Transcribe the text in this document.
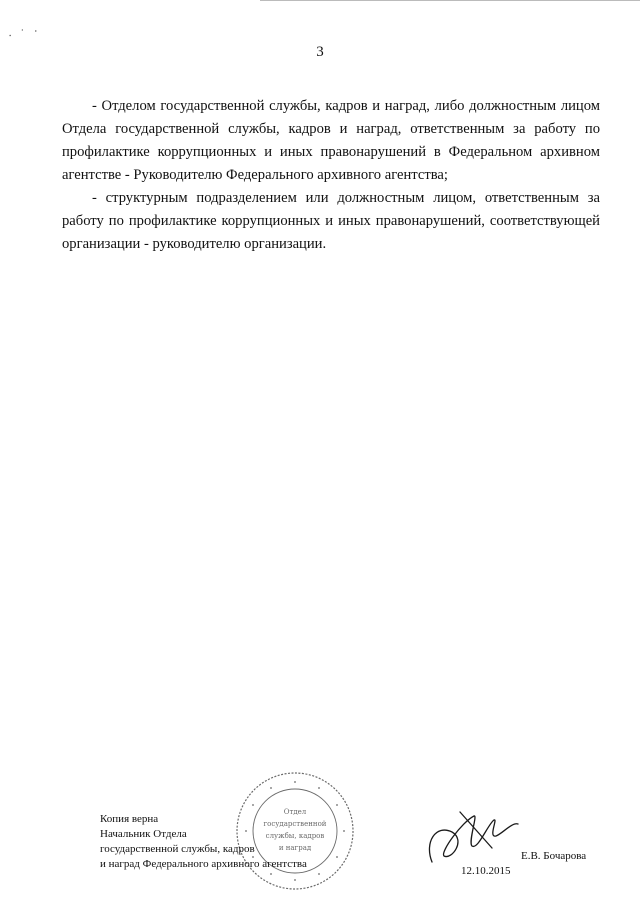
· ˙ ·
3

- Отделом государственной службы, кадров и наград, либо должностным лицом Отдела государственной службы, кадров и наград, ответственным за работу по профилактике коррупционных и иных правонарушений в Федеральном архивном агентстве - Руководителю Федерального архивного агентства;

- структурным подразделением или должностным лицом, ответственным за работу по профилактике коррупционных и иных правонарушений, соответствующей организации - руководителю организации.

Отдел
государственной
службы, кадров
и наград
Копия верна
Начальник Отдела
государственной службы, кадров
и наград Федерального архивного агентства
Е.В. Бочарова
12.10.2015
